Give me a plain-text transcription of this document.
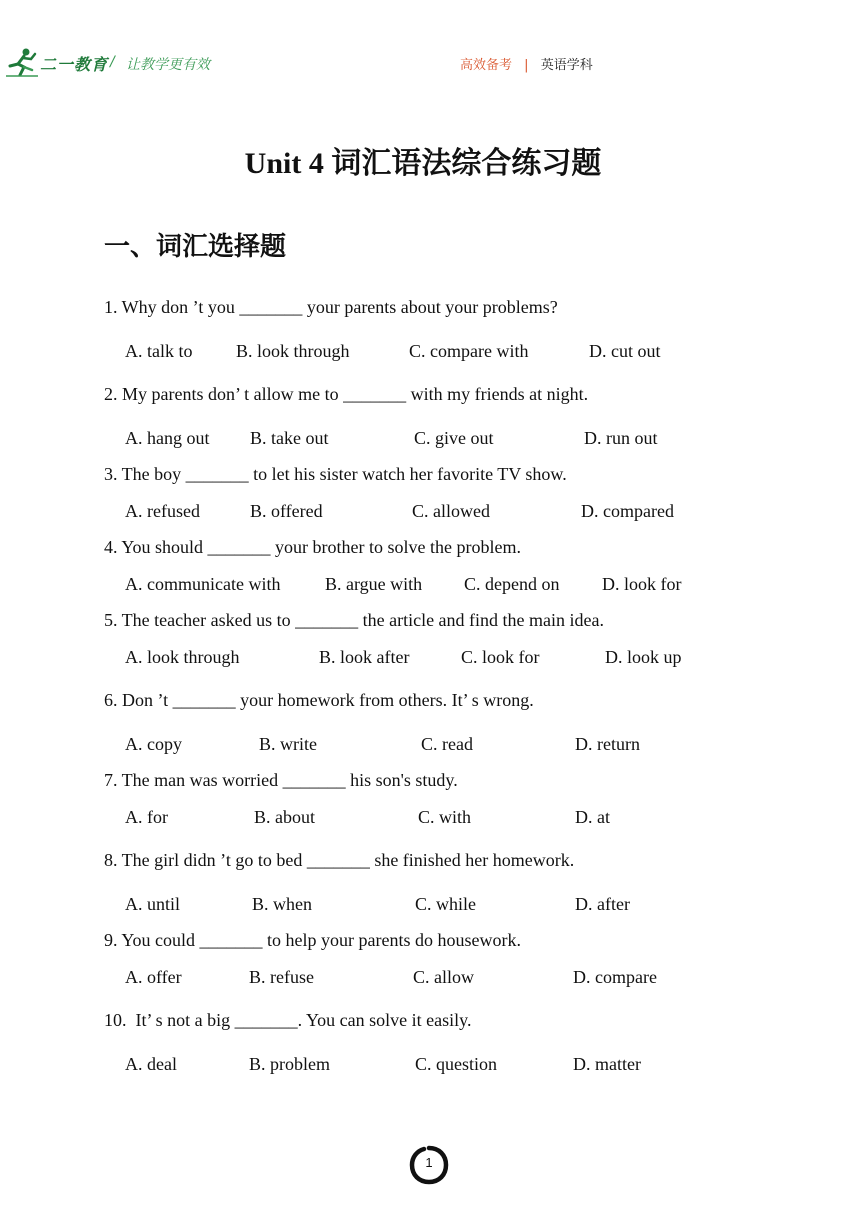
二一教育 / 让教学更有效	高效备考 | 英语学科
Unit 4 词汇语法综合练习题
一、词汇选择题
1. Why don ’t you _______ your parents about your problems?

A. talk to

B. look through

	C. compare with

	D. cut out

2. My parents don’ t allow me to _______ with my friends at night.

A. hang out

B. take out

	C. give out

	D. run out

3. The boy _______ to let his sister watch her favorite TV show.

A. refused

	B. offered

	C. allowed

	D. compared

4. You should _______ your brother to solve the problem.

A. communicate with

B. argue with

C. depend on

D. look for

5. The teacher asked us to _______ the article and find the main idea.

A. look through

	B. look after

	C. look for

	D. look up

6. Don ’t _______ your homework from others. It’ s wrong.

A. copy

	B. write

	C. read

	D. return

7. The man was worried _______ his son's study.

A. for

	B. about

	C. with

	D. at

8. The girl didn ’t go to bed _______ she finished her homework.

A. until

	B. when

	C. while

	D. after

9. You could _______ to help your parents do housework.

A. offer

	B. refuse

	C. allow

	D. compare

10.  It’ s not a big _______. You can solve it easily.

A. deal

	B. problem

	C. question

	D. matter

1
